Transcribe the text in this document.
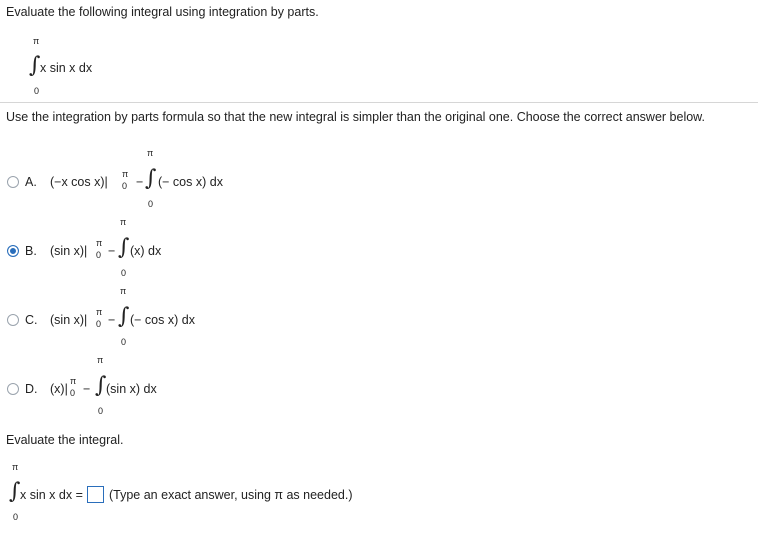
Evaluate the following integral using integration by parts.
π
∫ x sin x dx
0
Use the integration by parts formula so that the new integral is simpler than the original one. Choose the correct answer below.
A. (−x cos x)|
π
0 −
π
∫ (− cos x) dx
0
B. (sin x)|
π
0 −
π
∫ (x) dx
0
C. (sin x)|
π
0 −
π
∫ (− cos x) dx
0
D. (x)|
π
0 −
π
∫ (sin x) dx
0
Evaluate the integral.
π
∫ x sin x dx =
0
(Type an exact answer, using π as needed.)
